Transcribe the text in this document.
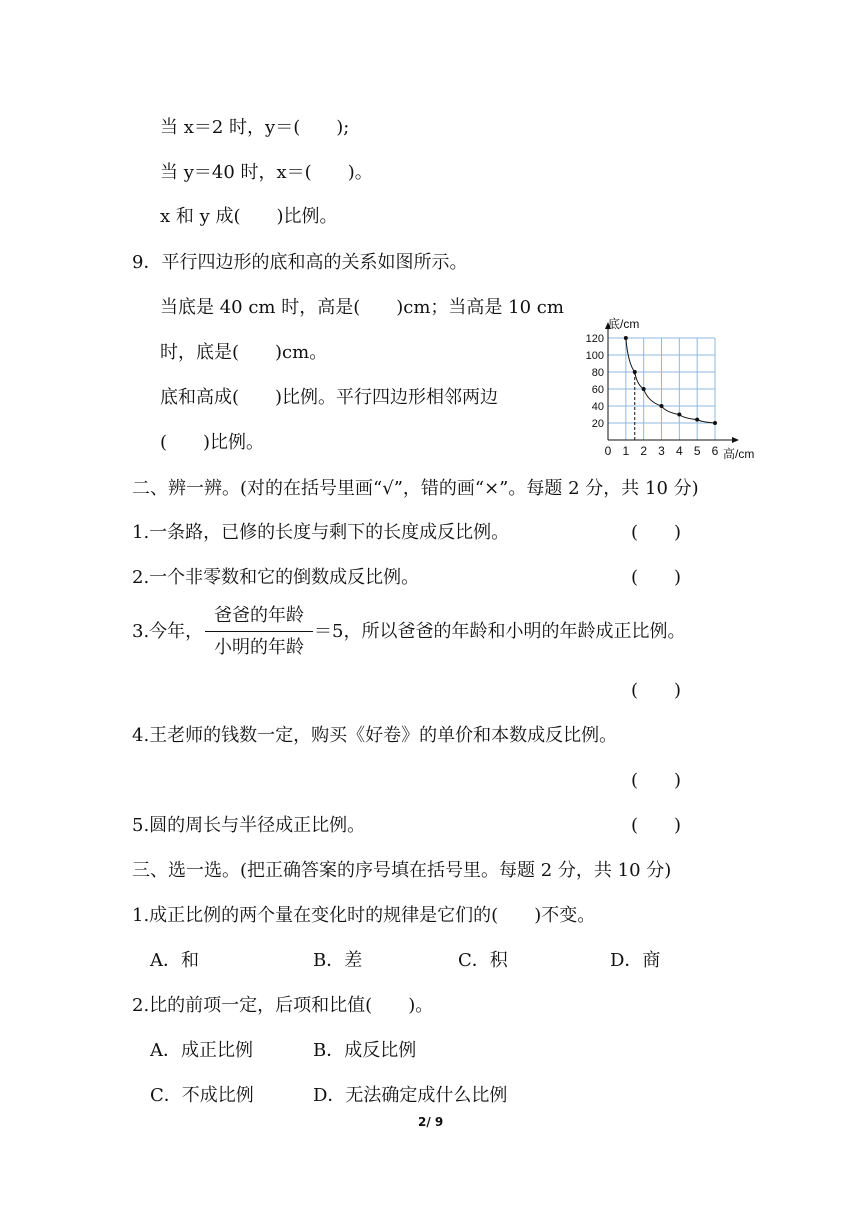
当 x＝2 时，y＝(　　);
当 y＝40 时，x＝(　　)。
x 和 y 成(　　)比例。
9．平行四边形的底和高的关系如图所示。
当底是 40 cm 时，高是(　　)cm；当高是 10 cm
时，底是(　　)cm。
底和高成(　　)比例。平行四边形相邻两边
(　　)比例。	0 1 2 3 4 5 6
20
40
60
80
100
120
底/cm
高/cm
二、辨一辨。(对的在括号里画“√”，错的画“×”。每题 2 分，共 10 分)
1.一条路，已修的长度与剩下的长度成反比例。	(　　)
2.一个非零数和它的倒数成反比例。	(　　)
3.今年，
爸爸的年龄
小明的年龄
＝5，所以爸爸的年龄和小明的年龄成正比例。
(　　)
4.王老师的钱数一定，购买《好卷》的单价和本数成反比例。
(　　)
5.圆的周长与半径成正比例。	(　　)
三、选一选。(把正确答案的序号填在括号里。每题 2 分，共 10 分)
1.成正比例的两个量在变化时的规律是它们的(　　)不变。
A．和	B．差	C．积	D．商
2.比的前项一定，后项和比值(　　)。
A．成正比例	B．成反比例
C．不成比例	D．无法确定成什么比例
2/ 9
